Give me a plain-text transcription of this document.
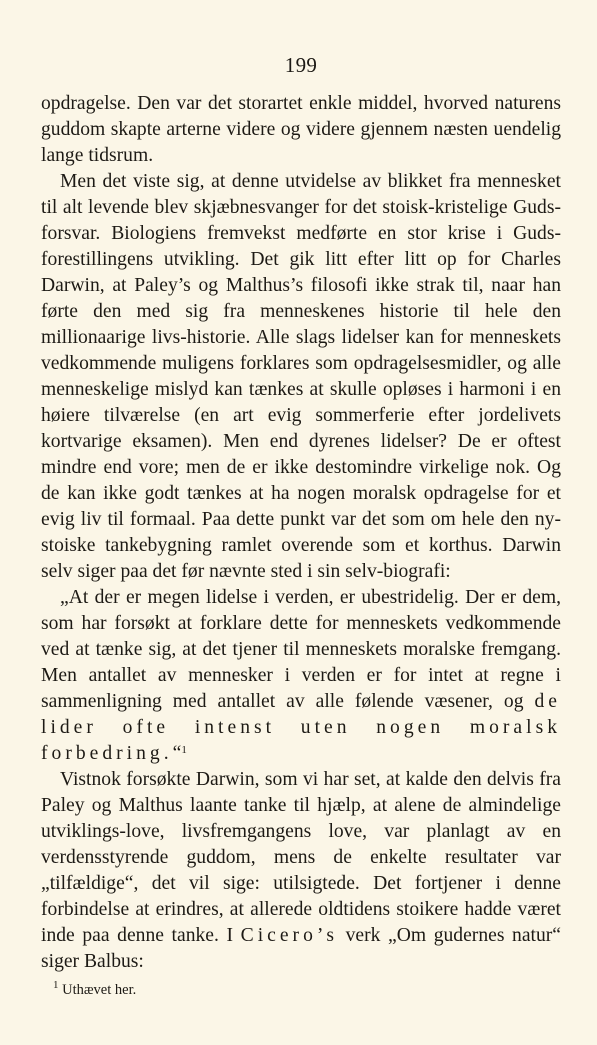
199

opdragelse. Den var det storartet enkle middel, hvorved naturens guddom skapte arterne videre og videre gjennem næsten uendelig lange tidsrum.

Men det viste sig, at denne utvidelse av blikket fra mennesket til alt levende blev skjæbnesvanger for det stoisk-kristelige Guds-forsvar. Biologiens fremvekst medførte en stor krise i Guds-forestillingens utvikling. Det gik litt efter litt op for Charles Darwin, at Paley’s og Malthus’s filosofi ikke strak til, naar han førte den med sig fra menneskenes historie til hele den millionaarige livs-historie. Alle slags lidelser kan for menneskets vedkommende muligens forklares som opdragelsesmidler, og alle menneskelige mislyd kan tænkes at skulle opløses i harmoni i en høiere tilværelse (en art evig sommerferie efter jordelivets kortvarige eksamen). Men end dyrenes lidelser? De er oftest mindre end vore; men de er ikke destomindre virkelige nok. Og de kan ikke godt tænkes at ha nogen moralsk opdragelse for et evig liv til formaal. Paa dette punkt var det som om hele den ny-stoiske tankebygning ramlet overende som et korthus. Darwin selv siger paa det før nævnte sted i sin selv-biografi:

„At der er megen lidelse i verden, er ubestridelig. Der er dem, som har forsøkt at forklare dette for menneskets vedkommende ved at tænke sig, at det tjener til menneskets moralske fremgang. Men antallet av mennesker i verden er for intet at regne i sammenligning med antallet av alle følende væsener, og de lider ofte intenst uten nogen moralsk forbedring.“$^1$

Vistnok forsøkte Darwin, som vi har set, at kalde den delvis fra Paley og Malthus laante tanke til hjælp, at alene de almindelige utviklings-love, livsfremgangens love, var planlagt av en verdensstyrende guddom, mens de enkelte resultater var „tilfældige“, det vil sige: utilsigtede. Det fortjener i denne forbindelse at erindres, at allerede oldtidens stoikere hadde været inde paa denne tanke. I Cicero’s verk „Om gudernes natur“ siger Balbus:

$^1$ Uthævet her.
